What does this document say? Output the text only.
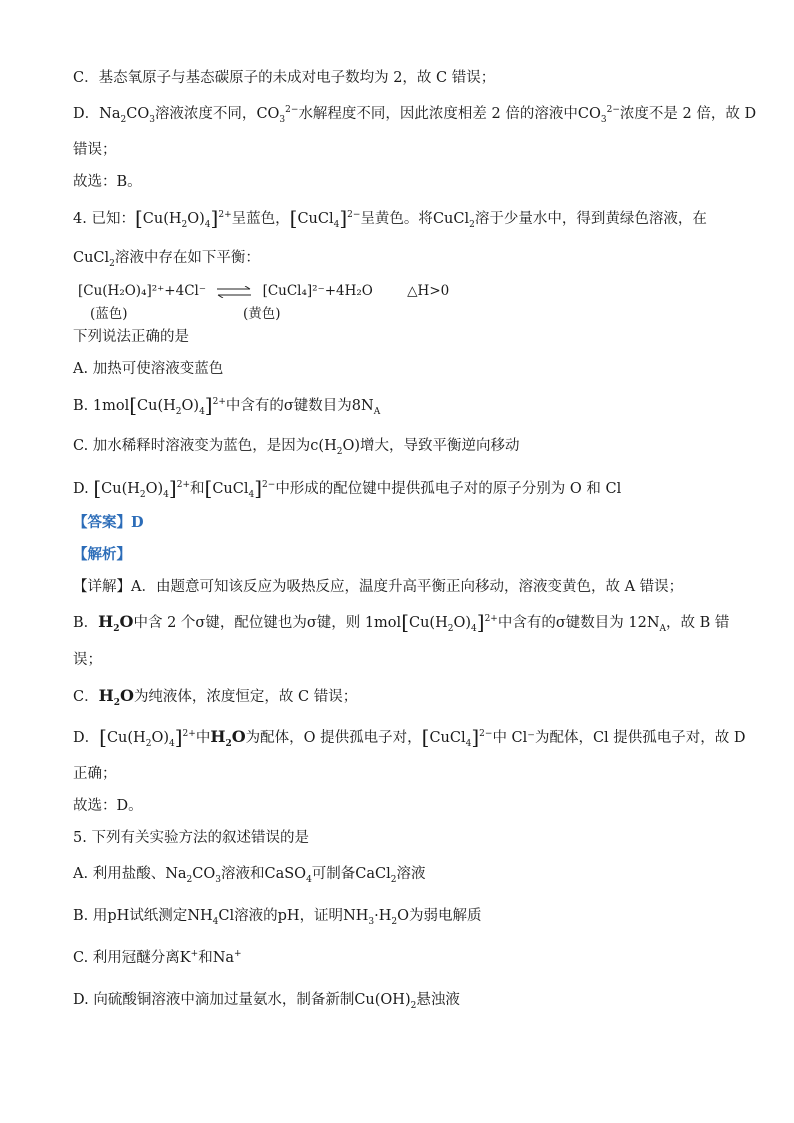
C．基态氧原子与基态碳原子的未成对电子数均为 2，故 C 错误；
D．$Na_2CO_3$溶液浓度不同，$CO_3^{2-}$水解程度不同，因此浓度相差 2 倍的溶液中$CO_3^{2-}$浓度不是 2 倍，故 D
错误；
故选：B。
4. 已知：$[Cu(H_2O)_4]^{2+}$呈蓝色，[CuCl$_4$]$^{2-}$呈黄色。将CuCl$_2$溶于少量水中，得到黄绿色溶液，在
CuCl$_2$溶液中存在如下平衡：
[Cu(H₂O)₄]²⁺+4Cl⁻ ⇌ [CuCl₄]²⁻+4H₂O	△H>0
(蓝色)	(黄色)
下列说法正确的是
A. 加热可使溶液变蓝色
B. $1mol[Cu(H_2O)_4]^{2+}$中含有的σ键数目为$8N_A$
C. 加水稀释时溶液变为蓝色，是因为$c(H_2O)$增大，导致平衡逆向移动
D. $[Cu(H_2O)_4]^{2+}$和[CuCl$_4$]$^{2-}$中形成的配位键中提供孤电子对的原子分别为 O 和 Cl
【答案】D
【解析】
【详解】A．由题意可知该反应为吸热反应，温度升高平衡正向移动，溶液变黄色，故 A 错误；
B．$H_2O$中含 2 个σ键，配位键也为σ键，则 $1mol[Cu(H_2O)_4]^{2+}$中含有的σ键数目为 $12N_A$，故 B 错
误；
C．$H_2O$为纯液体，浓度恒定，故 C 错误；
D．$[Cu(H_2O)_4]^{2+}$中$H_2O$为配体，O 提供孤电子对，[CuCl$_4$]$^{2-}$中 Cl⁻为配体，Cl 提供孤电子对，故 D
正确；
故选：D。
5. 下列有关实验方法的叙述错误的是
A. 利用盐酸、$Na_2CO_3$溶液和CaSO$_4$可制备CaCl$_2$溶液
B. 用pH试纸测定$NH_4Cl$溶液的pH，证明$NH_3\cdot H_2O$为弱电解质
C. 利用冠醚分离K+和Na+
D. 向硫酸铜溶液中滴加过量氨水，制备新制$Cu(OH)_2$悬浊液
